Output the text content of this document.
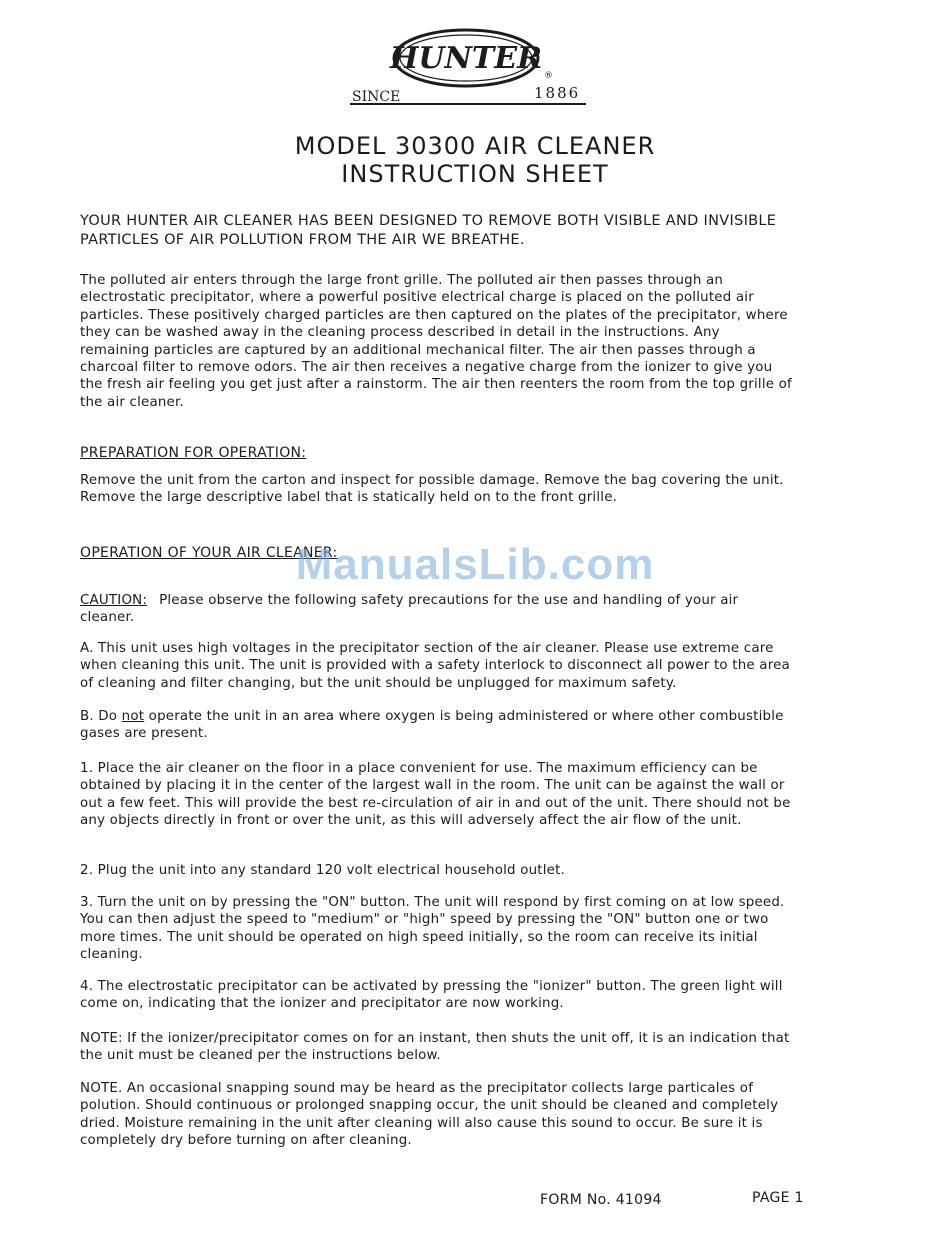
HUNTER ®
SINCE	1886
MODEL 30300 AIR CLEANER
INSTRUCTION SHEET
YOUR HUNTER AIR CLEANER HAS BEEN DESIGNED TO REMOVE BOTH VISIBLE AND INVISIBLE PARTICLES OF AIR POLLUTION FROM THE AIR WE BREATHE.
The polluted air enters through the large front grille. The polluted air then passes through an electrostatic precipitator, where a powerful positive electrical charge is placed on the polluted air particles. These positively charged particles are then captured on the plates of the precipitator, where they can be washed away in the cleaning process described in detail in the instructions. Any remaining particles are captured by an additional mechanical filter. The air then passes through a charcoal filter to remove odors. The air then receives a negative charge from the ionizer to give you the fresh air feeling you get just after a rainstorm. The air then reenters the room from the top grille of the air cleaner.
PREPARATION FOR OPERATION:
Remove the unit from the carton and inspect for possible damage. Remove the bag covering the unit. Remove the large descriptive label that is statically held on to the front grille.
OPERATION OF YOUR AIR CLEANER:
CAUTION: Please observe the following safety precautions for the use and handling of your air cleaner.
A. This unit uses high voltages in the precipitator section of the air cleaner. Please use extreme care when cleaning this unit. The unit is provided with a safety interlock to disconnect all power to the area of cleaning and filter changing, but the unit should be unplugged for maximum safety.
B. Do not operate the unit in an area where oxygen is being administered or where other combustible gases are present.
1. Place the air cleaner on the floor in a place convenient for use. The maximum efficiency can be obtained by placing it in the center of the largest wall in the room. The unit can be against the wall or out a few feet. This will provide the best re-circulation of air in and out of the unit. There should not be any objects directly in front or over the unit, as this will adversely affect the air flow of the unit.
2. Plug the unit into any standard 120 volt electrical household outlet.
3. Turn the unit on by pressing the "ON" button. The unit will respond by first coming on at low speed. You can then adjust the speed to "medium" or "high" speed by pressing the "ON" button one or two more times. The unit should be operated on high speed initially, so the room can receive its initial cleaning.
4. The electrostatic precipitator can be activated by pressing the "ionizer" button. The green light will come on, indicating that the ionizer and precipitator are now working.
NOTE: If the ionizer/precipitator comes on for an instant, then shuts the unit off, it is an indication that the unit must be cleaned per the instructions below.
NOTE. An occasional snapping sound may be heard as the precipitator collects large particales of polution. Should continuous or prolonged snapping occur, the unit should be cleaned and completely dried. Moisture remaining in the unit after cleaning will also cause this sound to occur. Be sure it is completely dry before turning on after cleaning.
ManualsLib.com
FORM No. 41094	PAGE 1
